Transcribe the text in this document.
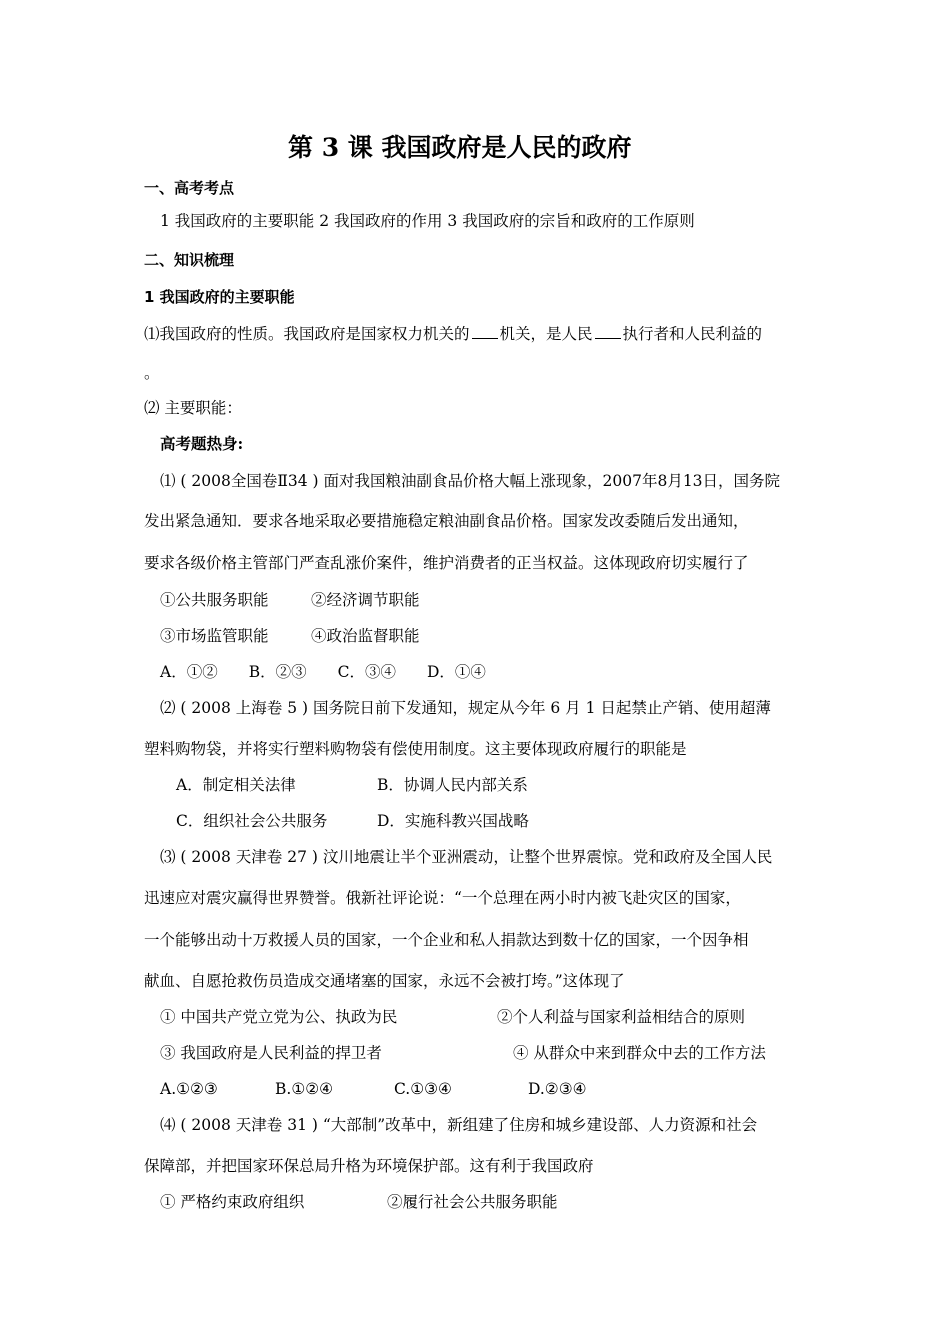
第 3 课 我国政府是人民的政府
一、高考考点
1 我国政府的主要职能 2 我国政府的作用 3 我国政府的宗旨和政府的工作原则
二、知识梳理
1 我国政府的主要职能
⑴我国政府的性质。我国政府是国家权力机关的 机关，是人民 执行者和人民利益的
。
⑵ 主要职能：
高考题热身:
⑴ ( 2008全国卷Ⅱ34 ) 面对我国粮油副食品价格大幅上涨现象，2007年8月13日，国务院
发出紧急通知．要求各地采取必要措施稳定粮油副食品价格。国家发改委随后发出通知，
要求各级价格主管部门严查乱涨价案件，维护消费者的正当权益。这体现政府切实履行了
①公共服务职能	②经济调节职能
③市场监管职能	④政治监督职能
A．①②　　B．②③　　C．③④　　D．①④
⑵ ( 2008 上海卷 5 ) 国务院日前下发通知，规定从今年 6 月 1 日起禁止产销、使用超薄
塑料购物袋，并将实行塑料购物袋有偿使用制度。这主要体现政府履行的职能是
A．制定相关法律	B．协调人民内部关系
C．组织社会公共服务	D．实施科教兴国战略
⑶ ( 2008 天津卷 27 ) 汶川地震让半个亚洲震动，让整个世界震惊。党和政府及全国人民
迅速应对震灾赢得世界赞誉。俄新社评论说：“一个总理在两小时内被飞赴灾区的国家，
一个能够出动十万救援人员的国家，一个企业和私人捐款达到数十亿的国家，一个因争相
献血、自愿抢救伤员造成交通堵塞的国家，永远不会被打垮。”这体现了
① 中国共产党立党为公、执政为民	②个人利益与国家利益相结合的原则
③ 我国政府是人民利益的捍卫者	④ 从群众中来到群众中去的工作方法
A.①②③	B.①②④	C.①③④	D.②③④
⑷ ( 2008 天津卷 31 ) “大部制”改革中，新组建了住房和城乡建设部、人力资源和社会
保障部，并把国家环保总局升格为环境保护部。这有利于我国政府
① 严格约束政府组织	②履行社会公共服务职能
